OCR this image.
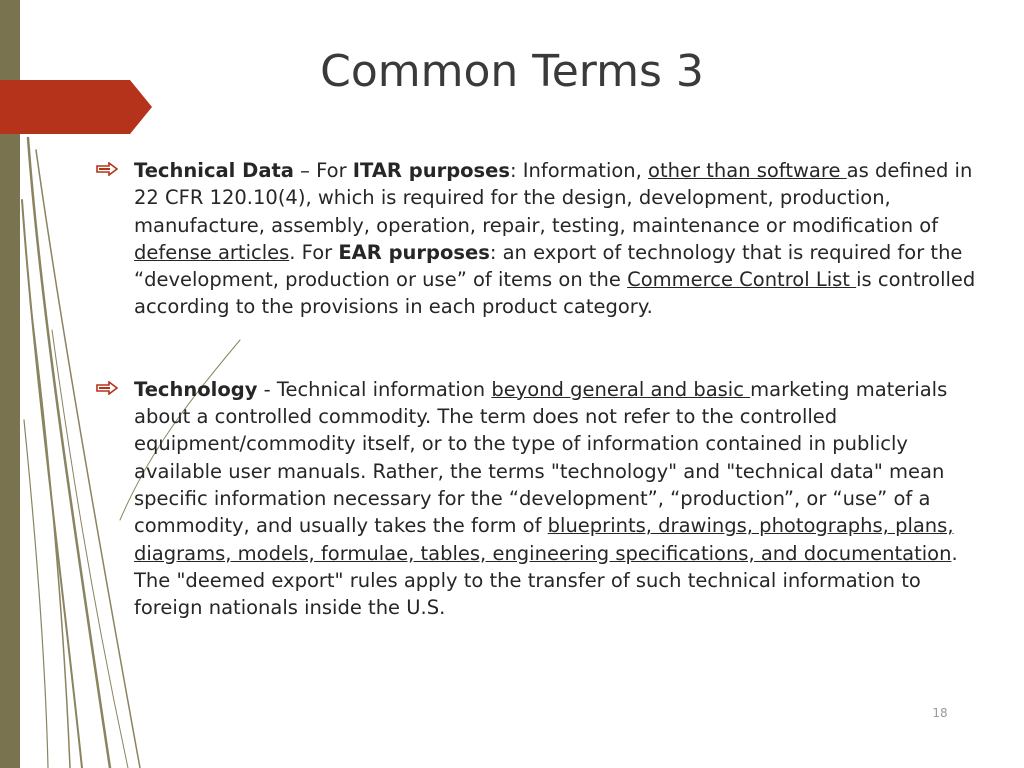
Common Terms 3
Technical Data – For ITAR purposes: Information, other than software as defined in 22 CFR 120.10(4), which is required for the design, development, production, manufacture, assembly, operation, repair, testing, maintenance or modification of defense articles. For EAR purposes: an export of technology that is required for the “development, production or use” of items on the Commerce Control List is controlled according to the provisions in each product category.
Technology - Technical information beyond general and basic marketing materials about a controlled commodity. The term does not refer to the controlled equipment/commodity itself, or to the type of information contained in publicly available user manuals. Rather, the terms "technology" and "technical data" mean specific information necessary for the “development”, “production”, or “use” of a commodity, and usually takes the form of blueprints, drawings, photographs, plans, diagrams, models, formulae, tables, engineering specifications, and documentation. The "deemed export" rules apply to the transfer of such technical information to foreign nationals inside the U.S.
18
